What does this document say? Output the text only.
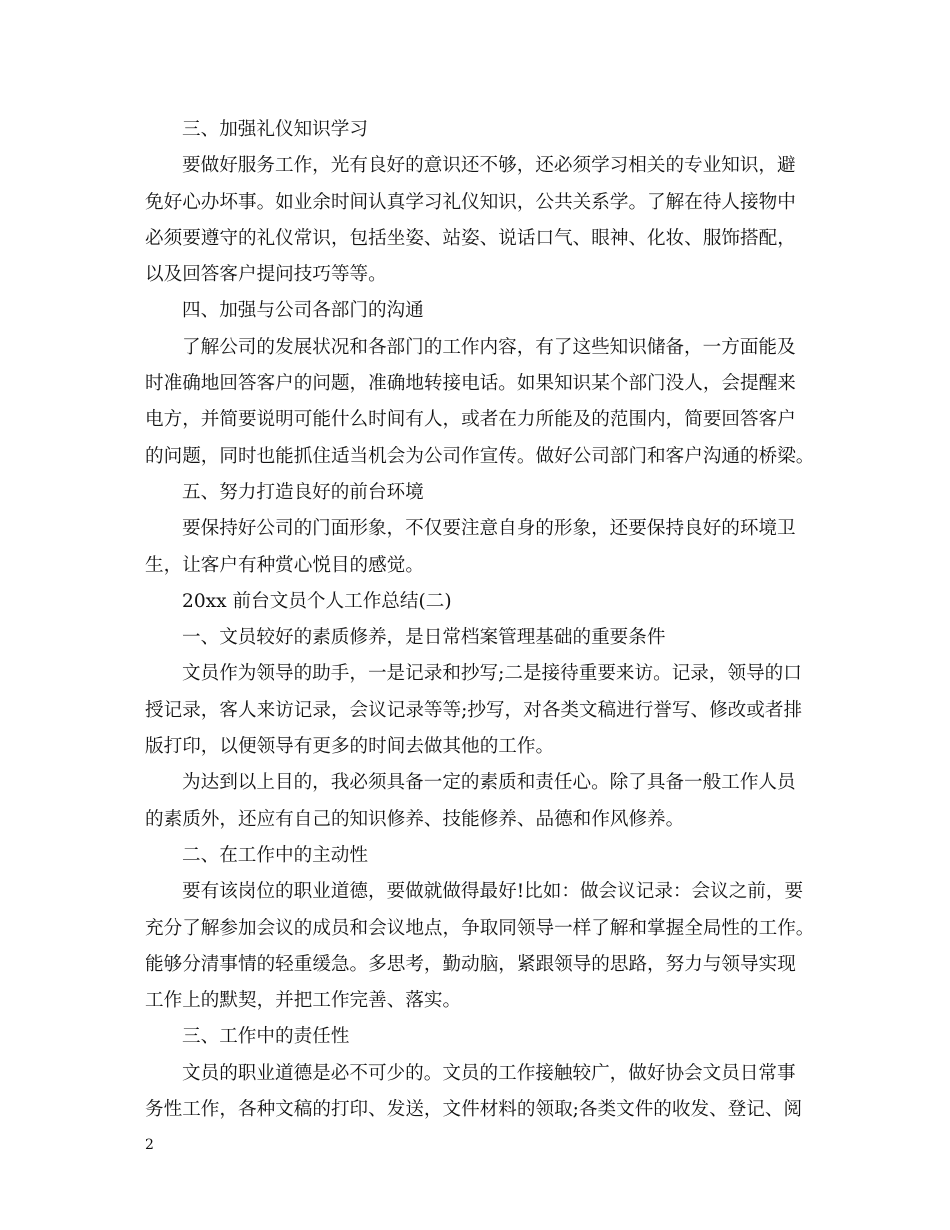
三、加强礼仪知识学习
要做好服务工作，光有良好的意识还不够，还必须学习相关的专业知识，避
免好心办坏事。如业余时间认真学习礼仪知识，公共关系学。了解在待人接物中
必须要遵守的礼仪常识，包括坐姿、站姿、说话口气、眼神、化妆、服饰搭配，
以及回答客户提问技巧等等。
四、加强与公司各部门的沟通
了解公司的发展状况和各部门的工作内容，有了这些知识储备，一方面能及
时准确地回答客户的问题，准确地转接电话。如果知识某个部门没人，会提醒来
电方，并简要说明可能什么时间有人，或者在力所能及的范围内，简要回答客户
的问题，同时也能抓住适当机会为公司作宣传。做好公司部门和客户沟通的桥梁。
五、努力打造良好的前台环境
要保持好公司的门面形象，不仅要注意自身的形象，还要保持良好的环境卫
生，让客户有种赏心悦目的感觉。
20xx 前台文员个人工作总结(二)
一、文员较好的素质修养，是日常档案管理基础的重要条件
文员作为领导的助手，一是记录和抄写;二是接待重要来访。记录，领导的口
授记录，客人来访记录，会议记录等等;抄写，对各类文稿进行誉写、修改或者排
版打印，以便领导有更多的时间去做其他的工作。
为达到以上目的，我必须具备一定的素质和责任心。除了具备一般工作人员
的素质外，还应有自己的知识修养、技能修养、品德和作风修养。
二、在工作中的主动性
要有该岗位的职业道德，要做就做得最好!比如：做会议记录：会议之前，要
充分了解参加会议的成员和会议地点，争取同领导一样了解和掌握全局性的工作。
能够分清事情的轻重缓急。多思考，勤动脑，紧跟领导的思路，努力与领导实现
工作上的默契，并把工作完善、落实。
三、工作中的责任性
文员的职业道德是必不可少的。文员的工作接触较广，做好协会文员日常事
务性工作，各种文稿的打印、发送，文件材料的领取;各类文件的收发、登记、阅
2
